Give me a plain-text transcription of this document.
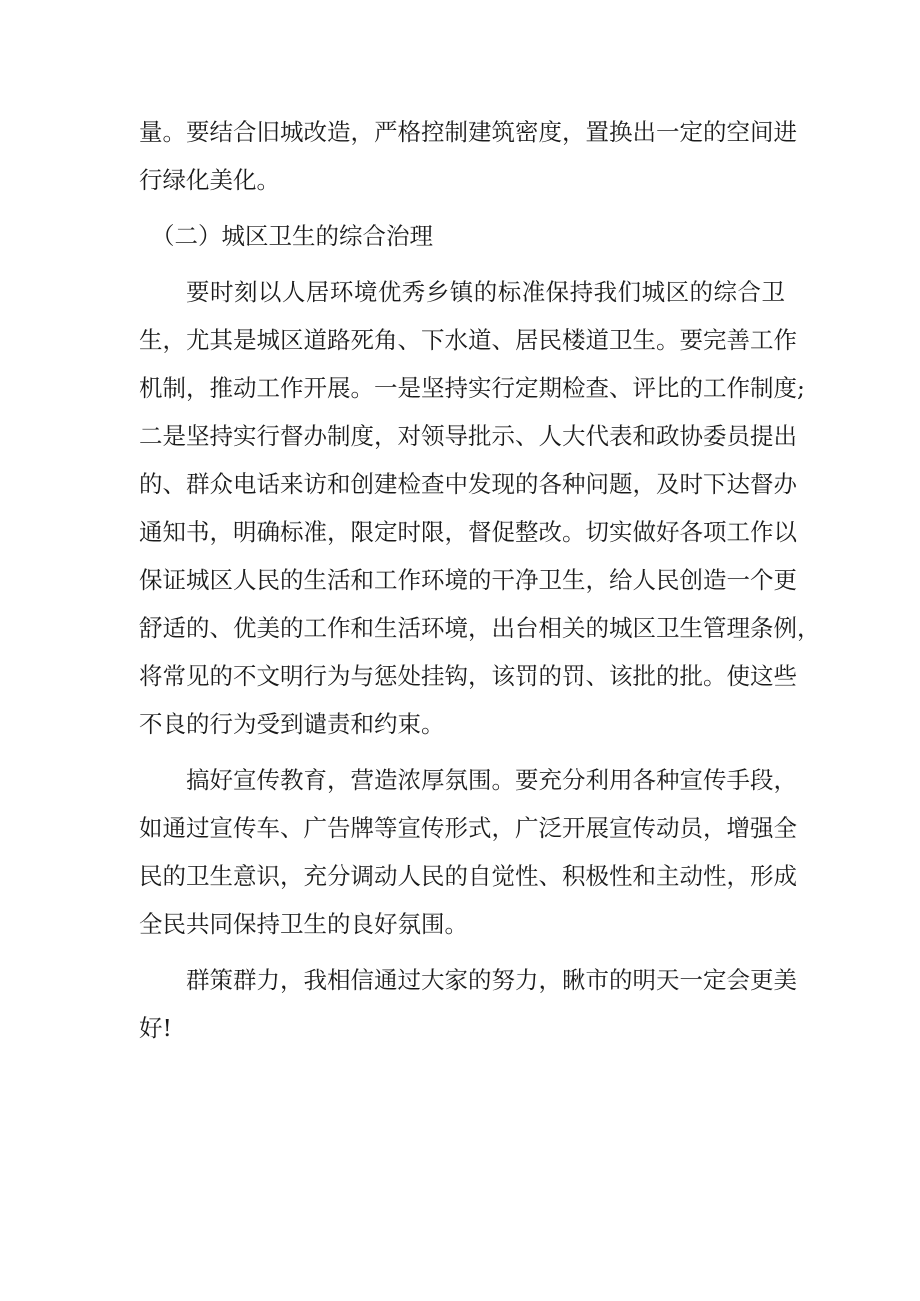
量。要结合旧城改造，严格控制建筑密度，置换出一定的空间进
行绿化美化。
（二）城区卫生的综合治理
要时刻以人居环境优秀乡镇的标准保持我们城区的综合卫
生，尤其是城区道路死角、下水道、居民楼道卫生。要完善工作
机制，推动工作开展。一是坚持实行定期检查、评比的工作制度;
二是坚持实行督办制度，对领导批示、人大代表和政协委员提出
的、群众电话来访和创建检查中发现的各种问题，及时下达督办
通知书，明确标准，限定时限，督促整改。切实做好各项工作以
保证城区人民的生活和工作环境的干净卫生，给人民创造一个更
舒适的、优美的工作和生活环境，出台相关的城区卫生管理条例，
将常见的不文明行为与惩处挂钩，该罚的罚、该批的批。使这些
不良的行为受到谴责和约束。
搞好宣传教育，营造浓厚氛围。要充分利用各种宣传手段，
如通过宣传车、广告牌等宣传形式，广泛开展宣传动员，增强全
民的卫生意识，充分调动人民的自觉性、积极性和主动性，形成
全民共同保持卫生的良好氛围。
群策群力，我相信通过大家的努力，瞅市的明天一定会更美
好!
